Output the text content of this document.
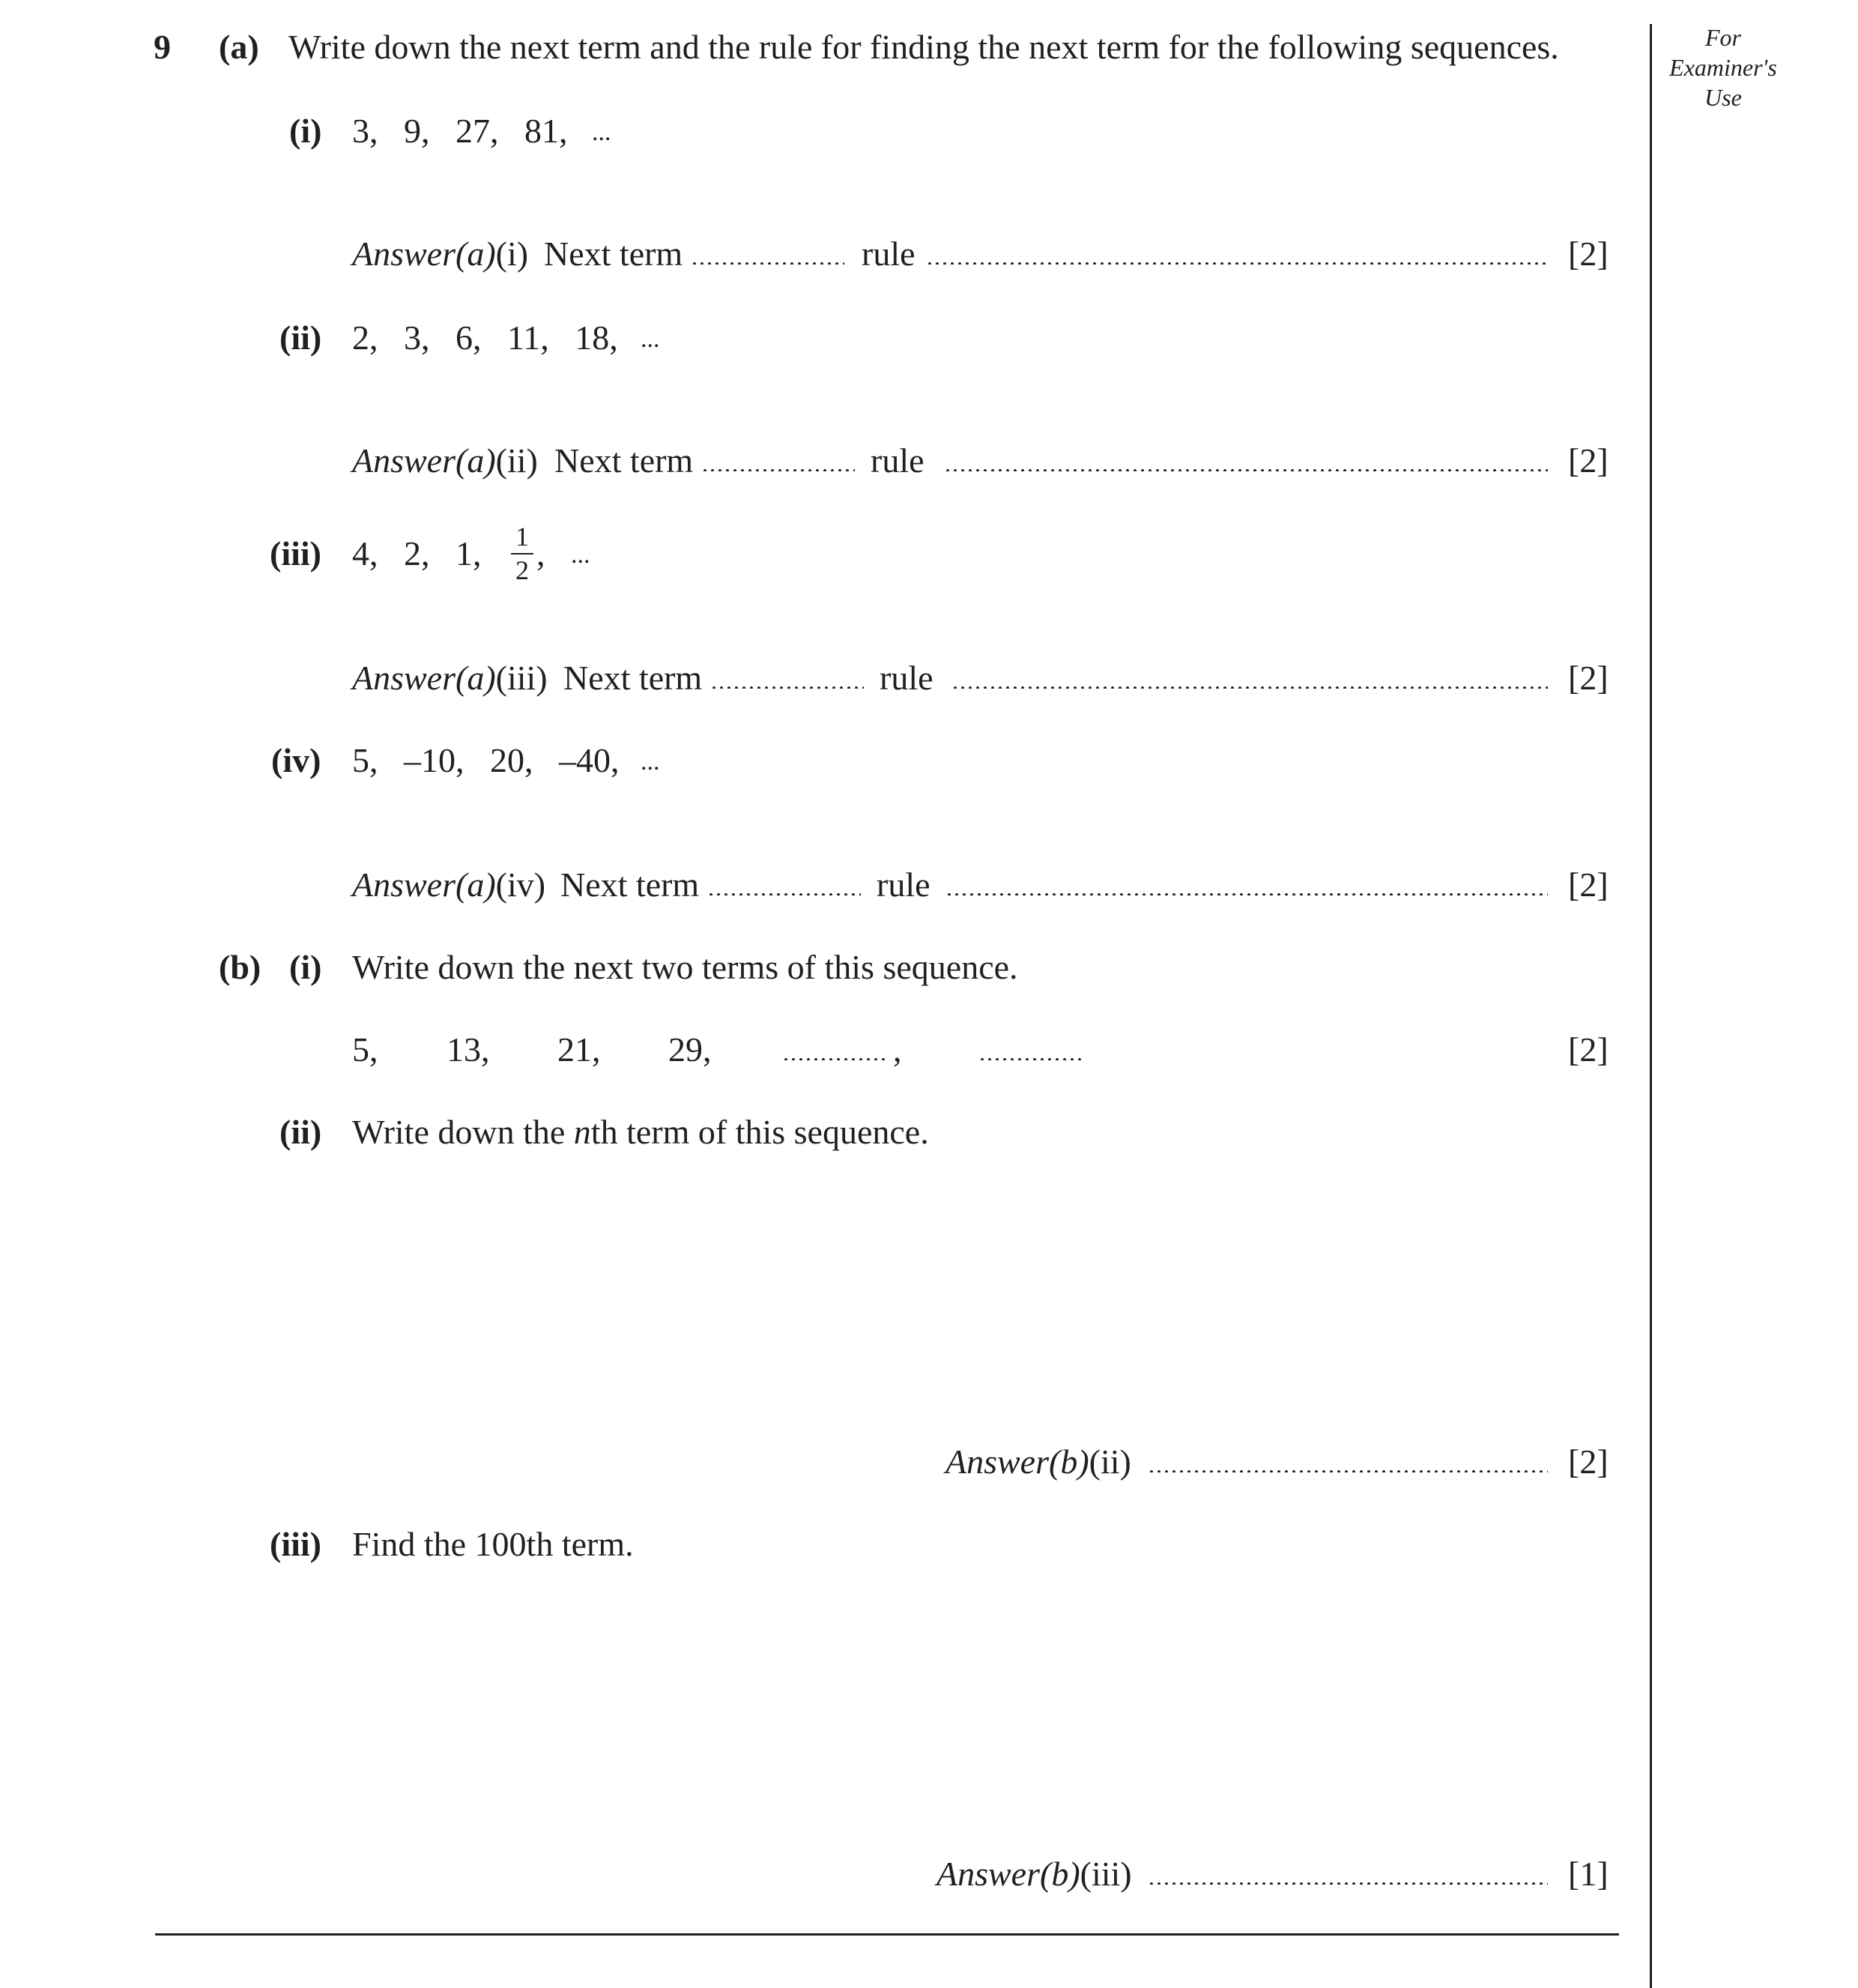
For
Examiner's
Use
9 (a) Write down the next term and the rule for finding the next term for the following sequences.
(i) 3,   9,   27,   81, ...
Answer(a)(i) Next term	rule	[2]
(ii) 2,   3,   6,   11,   18, ...
Answer(a)(ii) Next term	rule	[2]
(iii) 4,   2,   1, 1
2 , ...
Answer(a)(iii) Next term	rule	[2]
(iv) 5,   –10,   20,   –40, ...
Answer(a)(iv) Next term	rule	[2]
(b) (i) Write down the next two terms of this sequence.
5, 13, 21, 29,	,	[2]
(ii) Write down the nth term of this sequence.
Answer(b)(ii)	[2]
(iii) Find the 100th term.
Answer(b)(iii)	[1]
